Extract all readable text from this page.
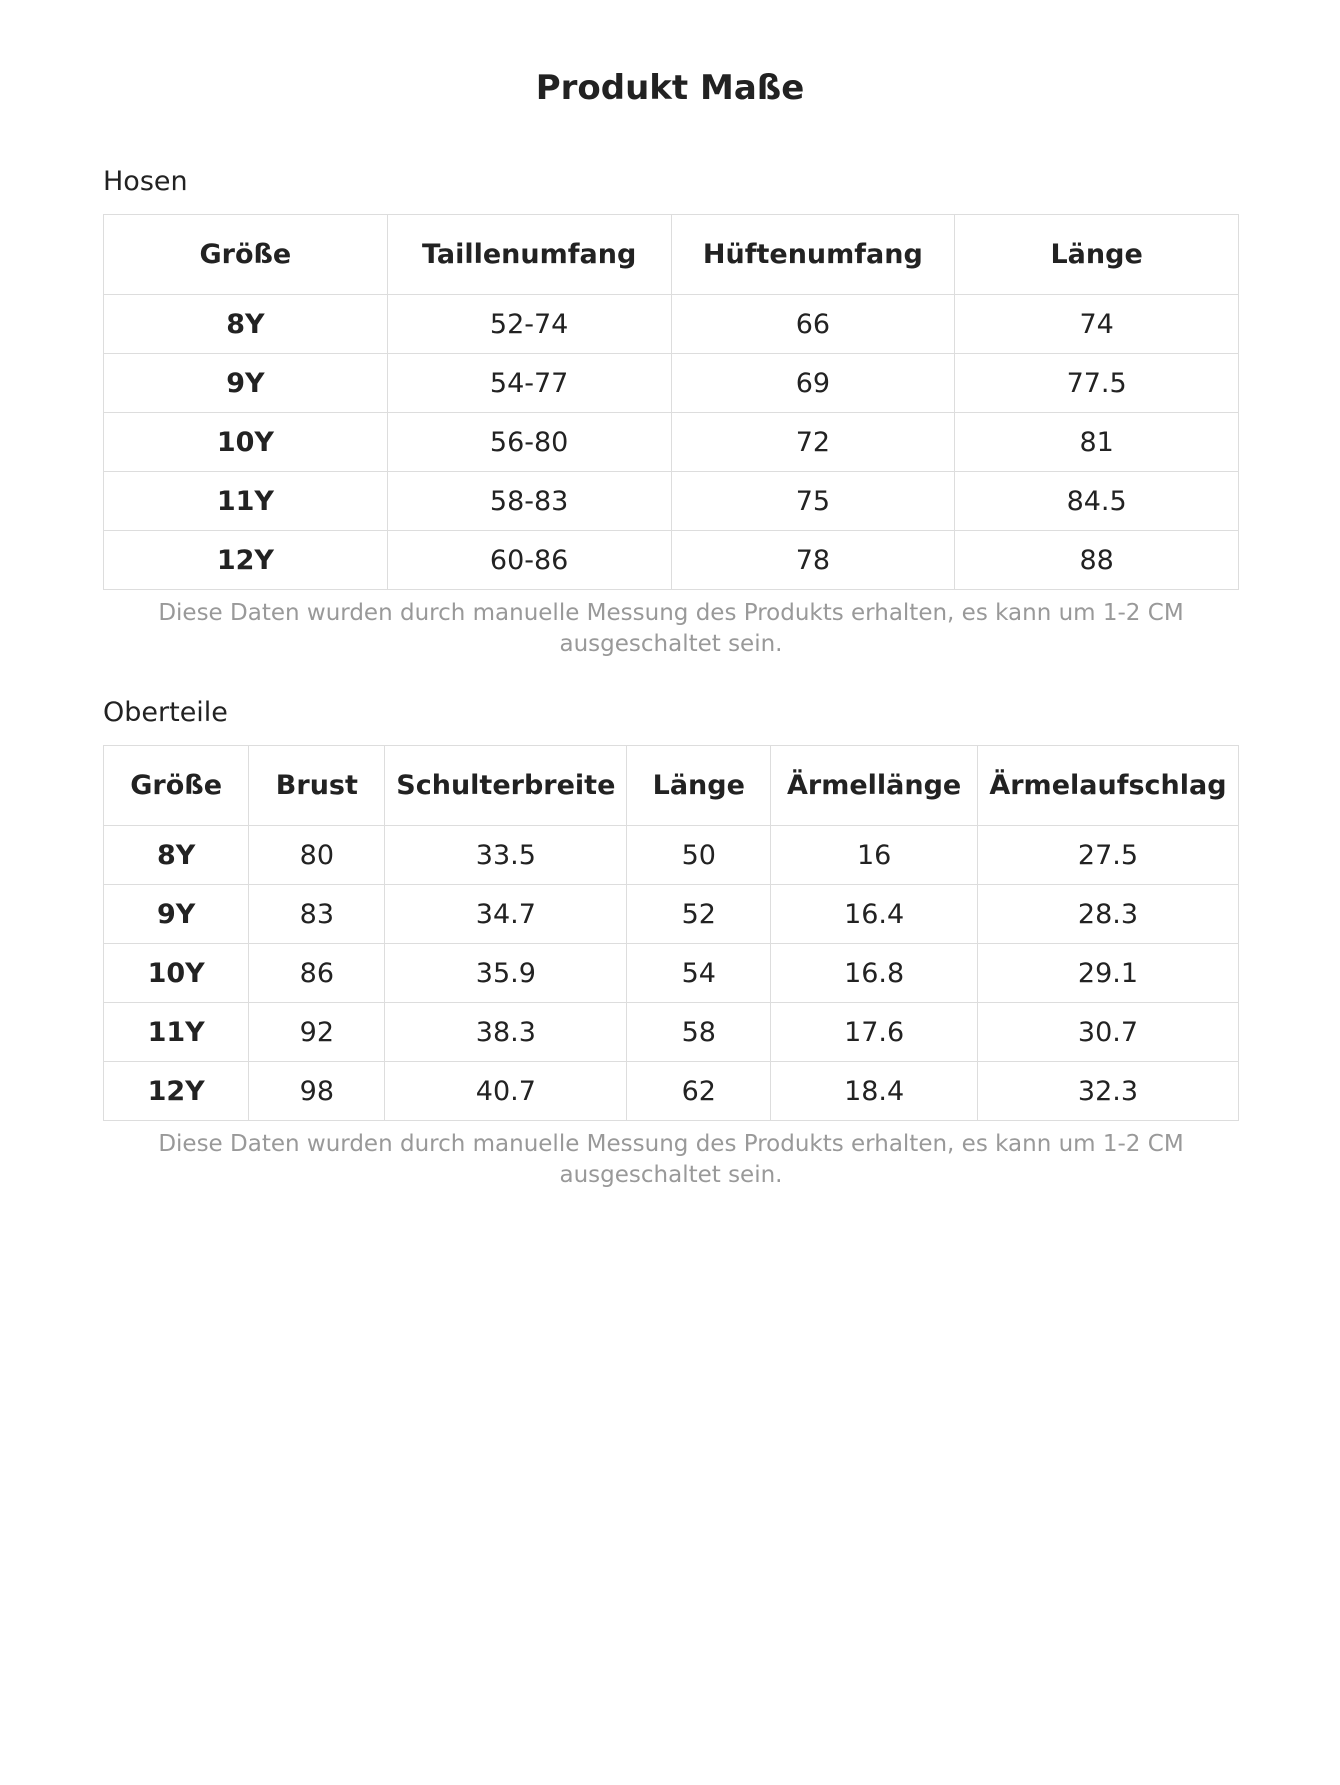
Produkt Maße
Hosen
Größe	Taillenumfang	Hüftenumfang	Länge
8Y	52-74	66	74
9Y	54-77	69	77.5
10Y	56-80	72	81
11Y	58-83	75	84.5
12Y	60-86	78	88
Diese Daten wurden durch manuelle Messung des Produkts erhalten, es kann um 1-2 CM ausgeschaltet sein.
Oberteile
Größe	Brust	Schulterbreite	Länge	Ärmellänge	Ärmelaufschlag
8Y	80	33.5	50	16	27.5
9Y	83	34.7	52	16.4	28.3
10Y	86	35.9	54	16.8	29.1
11Y	92	38.3	58	17.6	30.7
12Y	98	40.7	62	18.4	32.3
Diese Daten wurden durch manuelle Messung des Produkts erhalten, es kann um 1-2 CM ausgeschaltet sein.
